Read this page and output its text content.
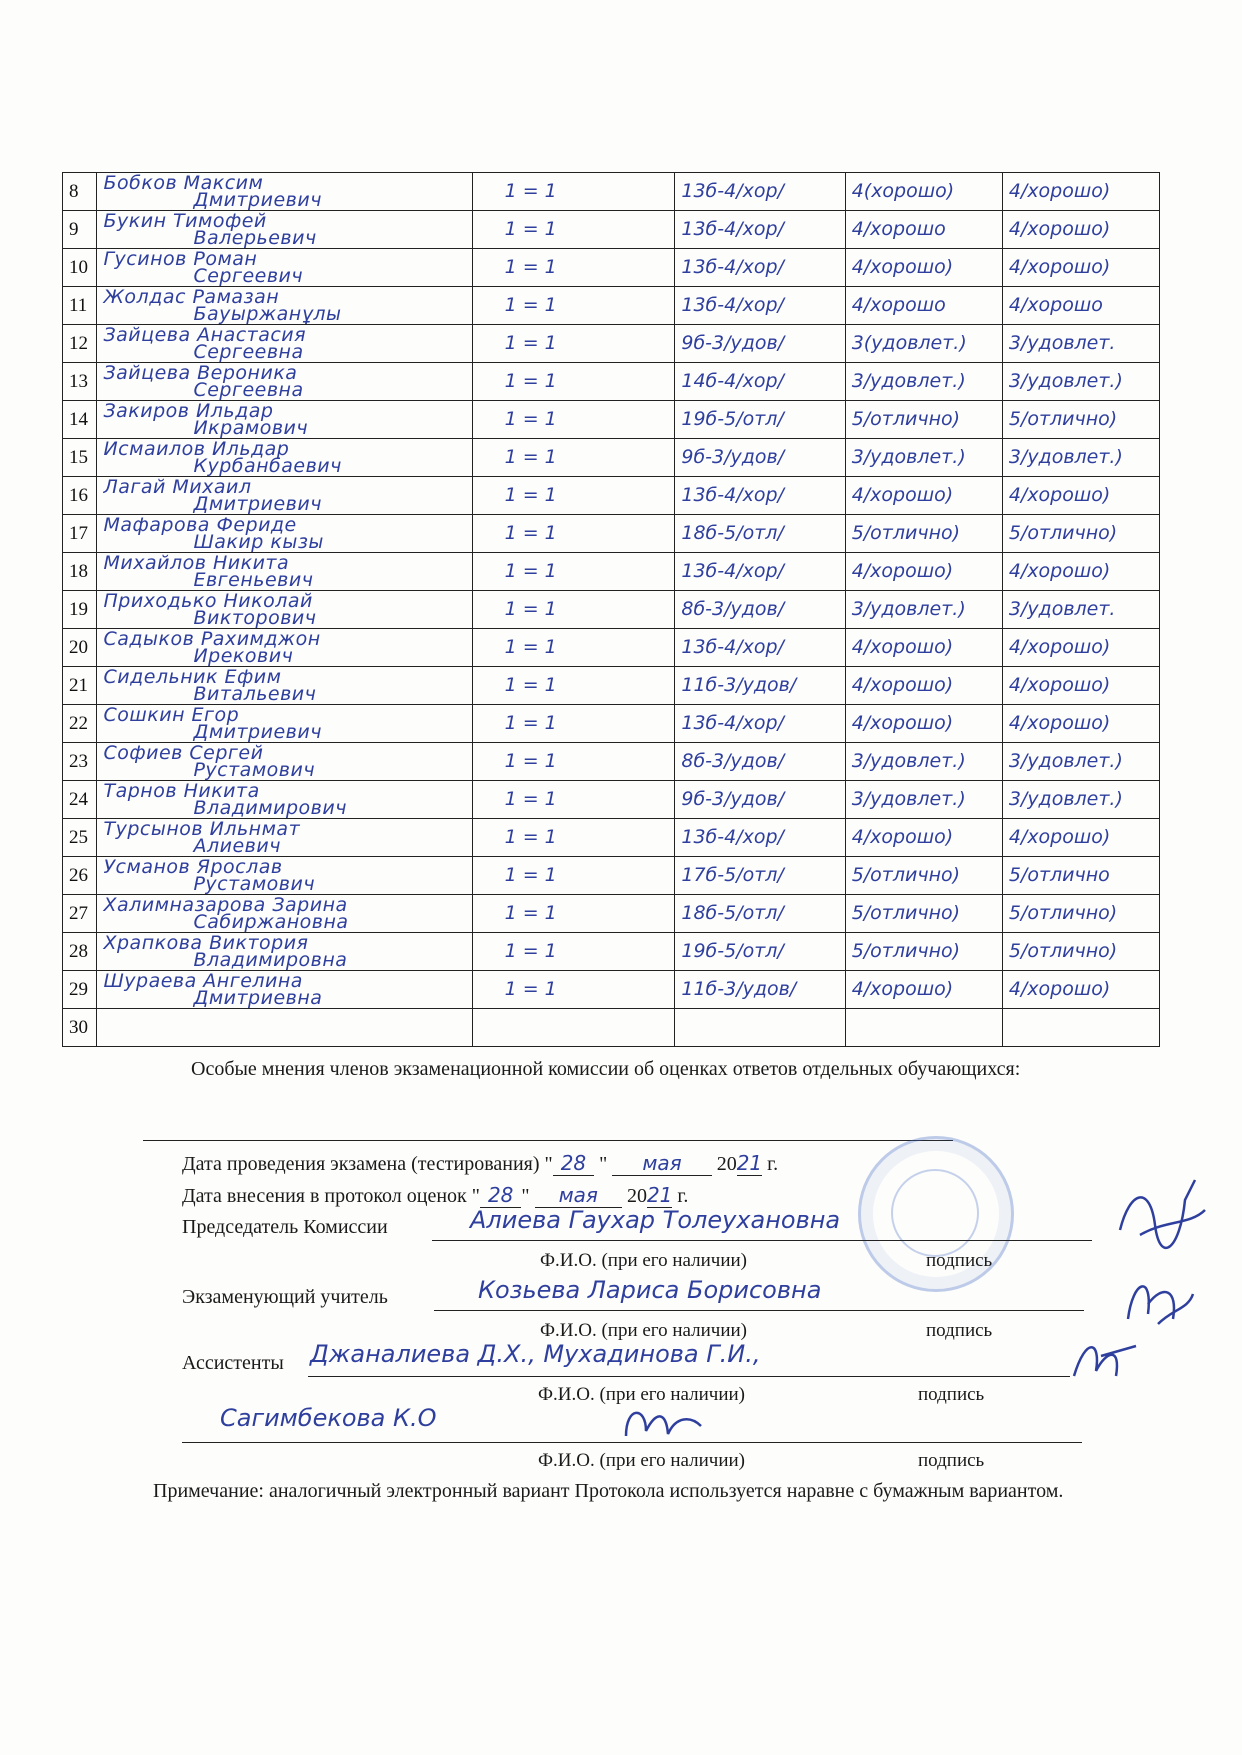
8	Бобков Максим
Дмитриевич	1 = 1	13б-4/хор/	4(хорошо)	4/хорошо)
9	Букин Тимофей
Валерьевич	1 = 1	13б-4/хор/	4/хорошо	4/хорошо)
10	Гусинов Роман
Сергеевич	1 = 1	13б-4/хор/	4/хорошо)	4/хорошо)
11	Жолдас Рамазан
Бауыржанұлы	1 = 1	13б-4/хор/	4/хорошо	4/хорошо
12	Зайцева Анастасия
Сергеевна	1 = 1	9б-3/удов/	3(удовлет.)	3/удовлет.
13	Зайцева Вероника
Сергеевна	1 = 1	14б-4/хор/	3/удовлет.)	3/удовлет.)
14	Закиров Ильдар
Икрамович	1 = 1	19б-5/отл/	5/отлично)	5/отлично)
15	Исмаилов Ильдар
Курбанбаевич	1 = 1	9б-3/удов/	3/удовлет.)	3/удовлет.)
16	Лагай Михаил
Дмитриевич	1 = 1	13б-4/хор/	4/хорошо)	4/хорошо)
17	Мафарова Фериде
Шакир кызы	1 = 1	18б-5/отл/	5/отлично)	5/отлично)
18	Михайлов Никита
Евгеньевич	1 = 1	13б-4/хор/	4/хорошо)	4/хорошо)
19	Приходько Николай
Викторович	1 = 1	8б-3/удов/	3/удовлет.)	3/удовлет.
20	Садыков Рахимджон
Ирекович	1 = 1	13б-4/хор/	4/хорошо)	4/хорошо)
21	Сидельник Ефим
Витальевич	1 = 1	11б-3/удов/	4/хорошо)	4/хорошо)
22	Сошкин Егор
Дмитриевич	1 = 1	13б-4/хор/	4/хорошо)	4/хорошо)
23	Софиев Сергей
Рустамович	1 = 1	8б-3/удов/	3/удовлет.)	3/удовлет.)
24	Тарнов Никита
Владимирович	1 = 1	9б-3/удов/	3/удовлет.)	3/удовлет.)
25	Турсынов Ильнмат
Алиевич	1 = 1	13б-4/хор/	4/хорошо)	4/хорошо)
26	Усманов Ярослав
Рустамович	1 = 1	17б-5/отл/	5/отлично)	5/отлично
27	Халимназарова Зарина
Сабиржановна	1 = 1	18б-5/отл/	5/отлично)	5/отлично)
28	Храпкова Виктория
Владимировна	1 = 1	19б-5/отл/	5/отлично)	5/отлично)
29	Шураева Ангелина
Дмитриевна	1 = 1	11б-3/удов/	4/хорошо)	4/хорошо)
30	

Особые мнения членов экзаменационной комиссии об оценках ответов отдельных обучающихся:
Дата проведения экзамена (тестирования) " 28 " мая 2021 г.
Дата внесения в протокол оценок " 28 " мая 2021 г.
Председатель Комиссии	Алиева Гаухар Толеухановна
Ф.И.О. (при его наличии)	подпись
Экзаменующий учитель	Козьева Лариса Борисовна
Ф.И.О. (при его наличии)	подпись
Ассистенты Джаналиева Д.Х., Мухадинова Г.И.,
Ф.И.О. (при его наличии)	подпись
Сагимбекова К.О
Ф.И.О. (при его наличии)	подпись
Примечание: аналогичный электронный вариант Протокола используется наравне с бумажным вариантом.
